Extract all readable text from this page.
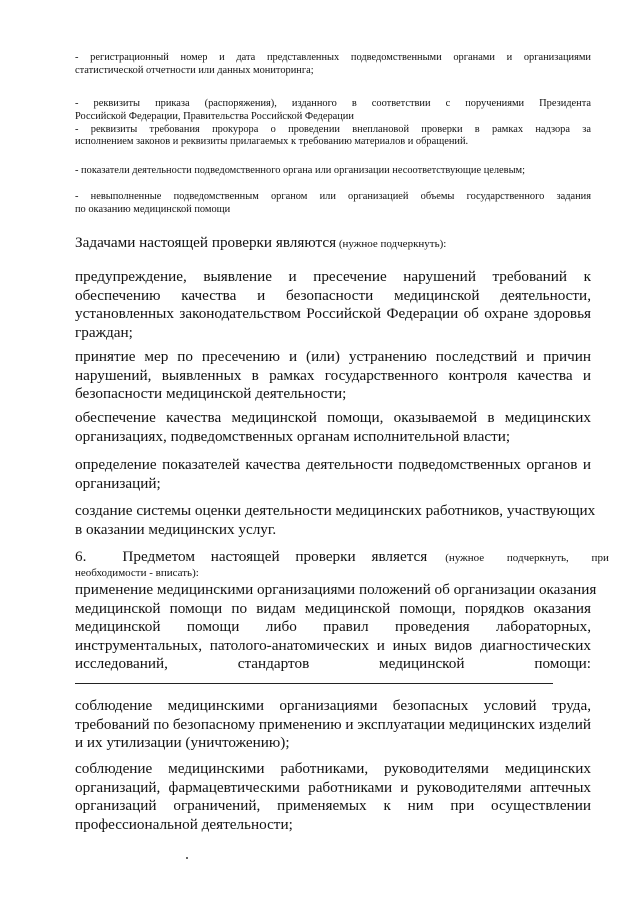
- регистрационный номер и дата представленных подведомственными органами и организациями
статистической отчетности или данных мониторинга;
- реквизиты приказа (распоряжения), изданного в соответствии с поручениями Президента
Российской Федерации, Правительства Российской Федерации
- реквизиты требования прокурора о проведении внеплановой проверки в рамках надзора за
исполнением законов и реквизиты прилагаемых к требованию материалов и обращений.
- показатели деятельности подведомственного органа или организации несоответствующие целевым;
- невыполненные подведомственным органом или организацией объемы государственного задания
по оказанию медицинской помощи
Задачами настоящей проверки являются (нужное подчеркнуть):
предупреждение, выявление и пресечение нарушений требований к
обеспечению качества и безопасности медицинской деятельности,
установленных законодательством Российской Федерации об охране здоровья
граждан;
принятие мер по пресечению и (или) устранению последствий и причин
нарушений, выявленных в рамках государственного контроля качества и
безопасности медицинской деятельности;
обеспечение качества медицинской помощи, оказываемой в медицинских
организациях, подведомственных органам исполнительной власти;
определение показателей качества деятельности подведомственных органов и
организаций;
создание системы оценки деятельности медицинских работников, участвующих
в оказании медицинских услуг.
6. Предметом настоящей проверки является (нужное подчеркнуть, при
необходимости - вписать):
применение медицинскими организациями положений об организации оказания
медицинской помощи по видам медицинской помощи, порядков оказания
медицинской помощи либо правил проведения лабораторных,
инструментальных, патолого-анатомических и иных видов диагностических
исследований, стандартов медицинской помощи:
соблюдение медицинскими организациями безопасных условий труда,
требований по безопасному применению и эксплуатации медицинских изделий
и их утилизации (уничтожению);
соблюдение медицинскими работниками, руководителями медицинских
организаций, фармацевтическими работниками и руководителями аптечных
организаций ограничений, применяемых к ним при осуществлении
профессиональной деятельности;
